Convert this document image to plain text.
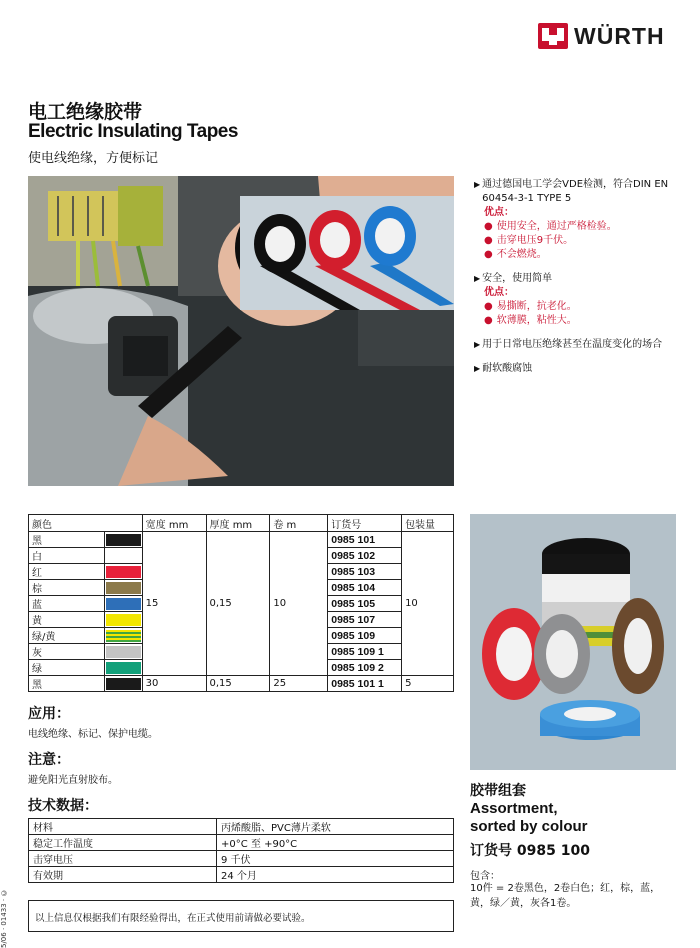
WÜRTH
电工绝缘胶带
Electric Insulating Tapes
使电线绝缘，方便标记
▶ 通过德国电工学会VDE检测，符合DIN EN 60454-3-1 TYPE 5
优点：
● 使用安全，通过严格检验。
● 击穿电压9千伏。
● 不会燃烧。
▶ 安全，使用简单
优点：
● 易撕断，抗老化。
● 软薄膜，粘性大。
▶ 用于日常电压绝缘甚至在温度变化的场合
▶ 耐软酸腐蚀
颜色		宽度 mm	厚度 mm	卷 m	订货号	包装量
黑		15	0,15	10	0985 101	10
白					0985 102	
红					0985 103	
棕					0985 104	
蓝					0985 105	
黄					0985 107	
绿/黄					0985 109	
灰					0985 109 1	
绿					0985 109 2	
黑		30	0,15	25	0985 101 1	5
应用：
电线绝缘、标记、保护电缆。
注意：
避免阳光直射胶布。
技术数据：
材料	丙烯酸脂、PVC薄片柔软
稳定工作温度	+0°C 至 +90°C
击穿电压	9 千伏
有效期	24 个月
以上信息仅根据我们有限经验得出，在正式使用前请做必要试验。
5/06 · 01433 · ©
胶带组套
Assortment,
sorted by colour
订货号 0985 100
包含：
10件 = 2卷黑色，2卷白色；红，棕，蓝，黄，绿／黄，灰各1卷。
